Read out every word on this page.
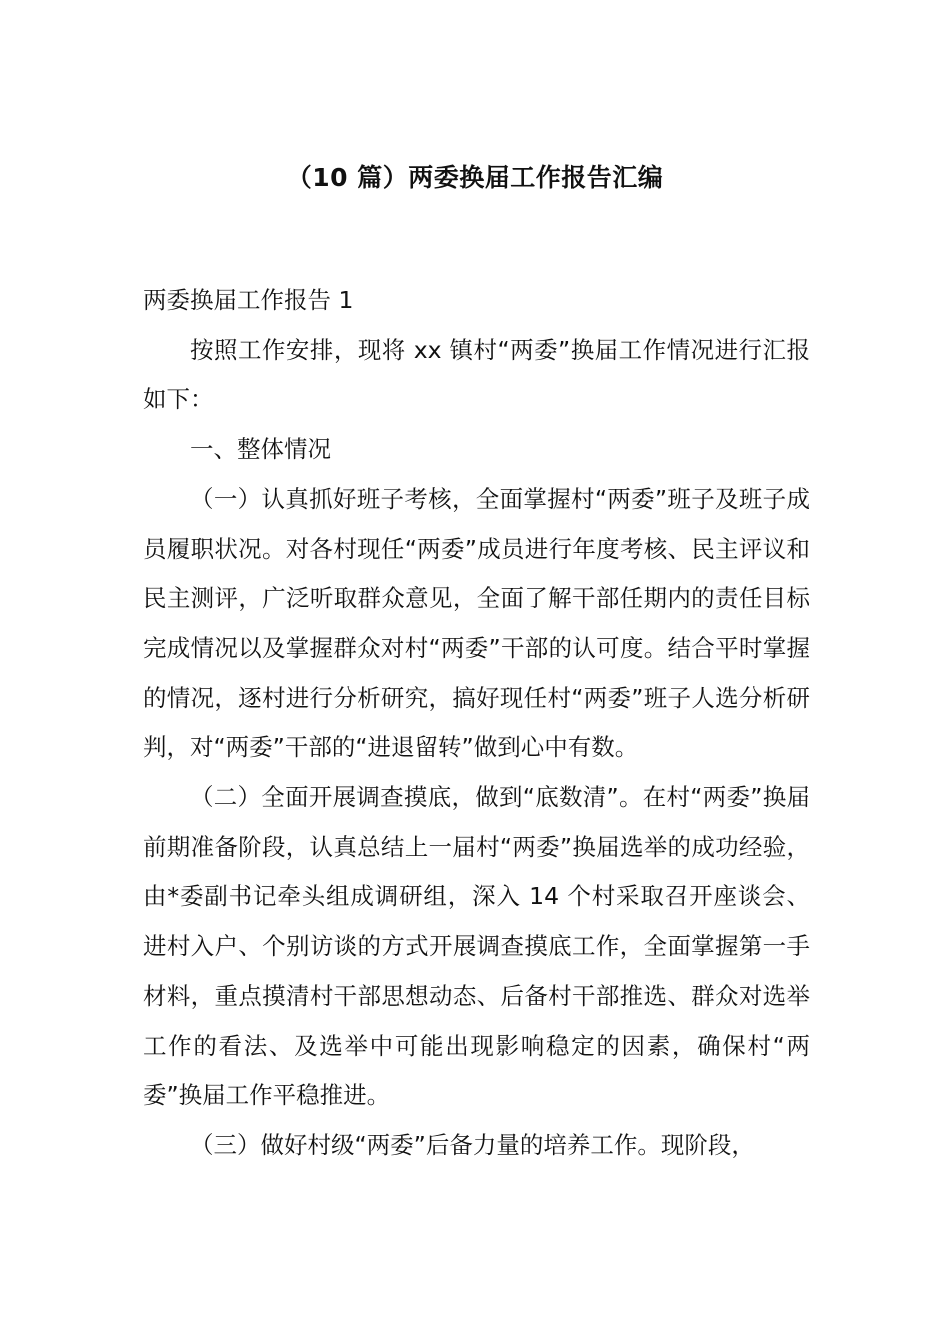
（10 篇）两委换届工作报告汇编

两委换届工作报告 1

按照工作安排，现将 xx 镇村“两委”换届工作情况进行汇报如下：

一、整体情况

（一）认真抓好班子考核，全面掌握村“两委”班子及班子成员履职状况。对各村现任“两委”成员进行年度考核、民主评议和民主测评，广泛听取群众意见，全面了解干部任期内的责任目标完成情况以及掌握群众对村“两委”干部的认可度。结合平时掌握的情况，逐村进行分析研究，搞好现任村“两委”班子人选分析研判，对“两委”干部的“进退留转”做到心中有数。

（二）全面开展调查摸底，做到“底数清”。在村“两委”换届前期准备阶段，认真总结上一届村“两委”换届选举的成功经验，由*委副书记牵头组成调研组，深入 14 个村采取召开座谈会、进村入户、个别访谈的方式开展调查摸底工作，全面掌握第一手材料，重点摸清村干部思想动态、后备村干部推选、群众对选举工作的看法、及选举中可能出现影响稳定的因素，确保村“两委”换届工作平稳推进。

（三）做好村级“两委”后备力量的培养工作。现阶段，
